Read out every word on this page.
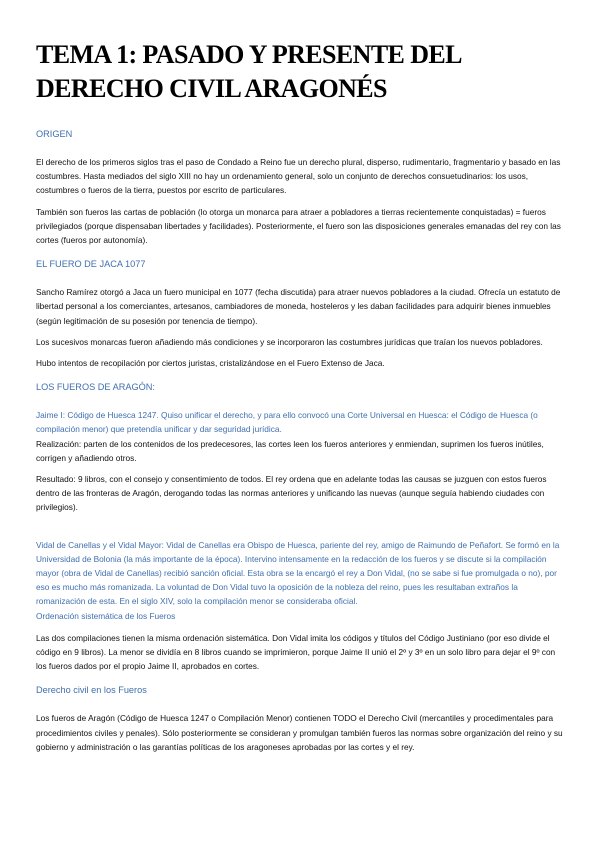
TEMA 1: PASADO Y PRESENTE DEL DERECHO CIVIL ARAGONÉS
ORIGEN

El derecho de los primeros siglos tras el paso de Condado a Reino fue un derecho plural, disperso, rudimentario, fragmentario y basado en las costumbres. Hasta mediados del siglo XIII no hay un ordenamiento general, solo un conjunto de derechos consuetudinarios: los usos, costumbres o fueros de la tierra, puestos por escrito de particulares.

También son fueros las cartas de población (lo otorga un monarca para atraer a pobladores a tierras recientemente conquistadas) = fueros privilegiados (porque dispensaban libertades y facilidades). Posteriormente, el fuero son las disposiciones generales emanadas del rey con las cortes (fueros por autonomía).

EL FUERO DE JACA 1077

Sancho Ramírez otorgó a Jaca un fuero municipal en 1077 (fecha discutida) para atraer nuevos pobladores a la ciudad. Ofrecía un estatuto de libertad personal a los comerciantes, artesanos, cambiadores de moneda, hosteleros y les daban facilidades para adquirir bienes inmuebles (según legitimación de su posesión por tenencia de tiempo).

Los sucesivos monarcas fueron añadiendo más condiciones y se incorporaron las costumbres jurídicas que traían los nuevos pobladores.

Hubo intentos de recopilación por ciertos juristas, cristalizándose en el Fuero Extenso de Jaca.

LOS FUEROS DE ARAGÓN:

Jaime I: Código de Huesca 1247. Quiso unificar el derecho, y para ello convocó una Corte Universal en Huesca: el Código de Huesca (o compilación menor) que pretendía unificar y dar seguridad jurídica.

Realización: parten de los contenidos de los predecesores, las cortes leen los fueros anteriores y enmiendan, suprimen los fueros inútiles, corrigen y añadiendo otros.

Resultado: 9 libros, con el consejo y consentimiento de todos. El rey ordena que en adelante todas las causas se juzguen con estos fueros dentro de las fronteras de Aragón, derogando todas las normas anteriores y unificando las nuevas (aunque seguía habiendo ciudades con privilegios).

Vidal de Canellas y el Vidal Mayor: Vidal de Canellas era Obispo de Huesca, pariente del rey, amigo de Raimundo de Peñafort. Se formó en la Universidad de Bolonia (la más importante de la época). Intervino intensamente en la redacción de los fueros y se discute si la compilación mayor (obra de Vidal de Canellas) recibió sanción oficial. Esta obra se la encargó el rey a Don Vidal, (no se sabe si fue promulgada o no), por eso es mucho más romanizada. La voluntad de Don Vidal tuvo la oposición de la nobleza del reino, pues les resultaban extraños la romanización de esta. En el siglo XIV, solo la compilación menor se consideraba oficial.

Ordenación sistemática de los Fueros

Las dos compilaciones tienen la misma ordenación sistemática. Don Vidal imita los códigos y títulos del Código Justiniano (por eso divide el código en 9 libros). La menor se dividía en 8 libros cuando se imprimieron, porque Jaime II unió el 2º y 3º en un solo libro para dejar el 9º con los fueros dados por el propio Jaime II, aprobados en cortes.

Derecho civil en los Fueros

Los fueros de Aragón (Código de Huesca 1247 o Compilación Menor) contienen TODO el Derecho Civil (mercantiles y procedimentales para procedimientos civiles y penales). Sólo posteriormente se consideran y promulgan también fueros las normas sobre organización del reino y su gobierno y administración o las garantías políticas de los aragoneses aprobadas por las cortes y el rey.
